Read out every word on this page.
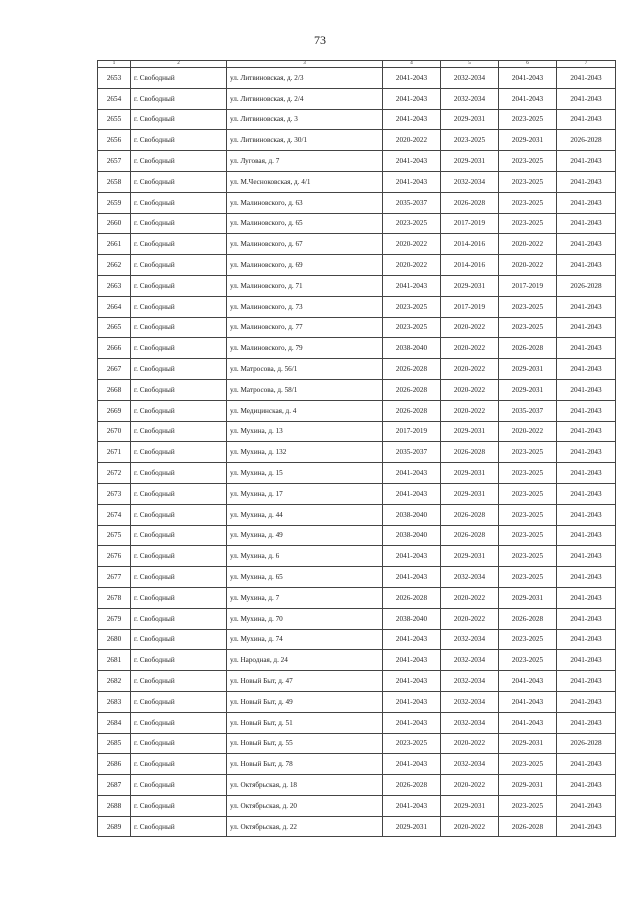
73
1	2	3	4	5	6	7
2653	г. Свободный	ул. Литвиновская, д. 2/3	2041-2043	2032-2034	2041-2043	2041-2043
2654	г. Свободный	ул. Литвиновская, д. 2/4	2041-2043	2032-2034	2041-2043	2041-2043
2655	г. Свободный	ул. Литвиновская, д. 3	2041-2043	2029-2031	2023-2025	2041-2043
2656	г. Свободный	ул. Литвиновская, д. 30/1	2020-2022	2023-2025	2029-2031	2026-2028
2657	г. Свободный	ул. Луговая, д. 7	2041-2043	2029-2031	2023-2025	2041-2043
2658	г. Свободный	ул. М.Чесноковская, д. 4/1	2041-2043	2032-2034	2023-2025	2041-2043
2659	г. Свободный	ул. Малиновского, д. 63	2035-2037	2026-2028	2023-2025	2041-2043
2660	г. Свободный	ул. Малиновского, д. 65	2023-2025	2017-2019	2023-2025	2041-2043
2661	г. Свободный	ул. Малиновского, д. 67	2020-2022	2014-2016	2020-2022	2041-2043
2662	г. Свободный	ул. Малиновского, д. 69	2020-2022	2014-2016	2020-2022	2041-2043
2663	г. Свободный	ул. Малиновского, д. 71	2041-2043	2029-2031	2017-2019	2026-2028
2664	г. Свободный	ул. Малиновского, д. 73	2023-2025	2017-2019	2023-2025	2041-2043
2665	г. Свободный	ул. Малиновского, д. 77	2023-2025	2020-2022	2023-2025	2041-2043
2666	г. Свободный	ул. Малиновского, д. 79	2038-2040	2020-2022	2026-2028	2041-2043
2667	г. Свободный	ул. Матросова, д. 56/1	2026-2028	2020-2022	2029-2031	2041-2043
2668	г. Свободный	ул. Матросова, д. 58/1	2026-2028	2020-2022	2029-2031	2041-2043
2669	г. Свободный	ул. Медицинская, д. 4	2026-2028	2020-2022	2035-2037	2041-2043
2670	г. Свободный	ул. Мухина, д. 13	2017-2019	2029-2031	2020-2022	2041-2043
2671	г. Свободный	ул. Мухина, д. 132	2035-2037	2026-2028	2023-2025	2041-2043
2672	г. Свободный	ул. Мухина, д. 15	2041-2043	2029-2031	2023-2025	2041-2043
2673	г. Свободный	ул. Мухина, д. 17	2041-2043	2029-2031	2023-2025	2041-2043
2674	г. Свободный	ул. Мухина, д. 44	2038-2040	2026-2028	2023-2025	2041-2043
2675	г. Свободный	ул. Мухина, д. 49	2038-2040	2026-2028	2023-2025	2041-2043
2676	г. Свободный	ул. Мухина, д. 6	2041-2043	2029-2031	2023-2025	2041-2043
2677	г. Свободный	ул. Мухина, д. 65	2041-2043	2032-2034	2023-2025	2041-2043
2678	г. Свободный	ул. Мухина, д. 7	2026-2028	2020-2022	2029-2031	2041-2043
2679	г. Свободный	ул. Мухина, д. 70	2038-2040	2020-2022	2026-2028	2041-2043
2680	г. Свободный	ул. Мухина, д. 74	2041-2043	2032-2034	2023-2025	2041-2043
2681	г. Свободный	ул. Народная, д. 24	2041-2043	2032-2034	2023-2025	2041-2043
2682	г. Свободный	ул. Новый Быт, д. 47	2041-2043	2032-2034	2041-2043	2041-2043
2683	г. Свободный	ул. Новый Быт, д. 49	2041-2043	2032-2034	2041-2043	2041-2043
2684	г. Свободный	ул. Новый Быт, д. 51	2041-2043	2032-2034	2041-2043	2041-2043
2685	г. Свободный	ул. Новый Быт, д. 55	2023-2025	2020-2022	2029-2031	2026-2028
2686	г. Свободный	ул. Новый Быт, д. 78	2041-2043	2032-2034	2023-2025	2041-2043
2687	г. Свободный	ул. Октябрьская, д. 18	2026-2028	2020-2022	2029-2031	2041-2043
2688	г. Свободный	ул. Октябрьская, д. 20	2041-2043	2029-2031	2023-2025	2041-2043
2689	г. Свободный	ул. Октябрьская, д. 22	2029-2031	2020-2022	2026-2028	2041-2043
